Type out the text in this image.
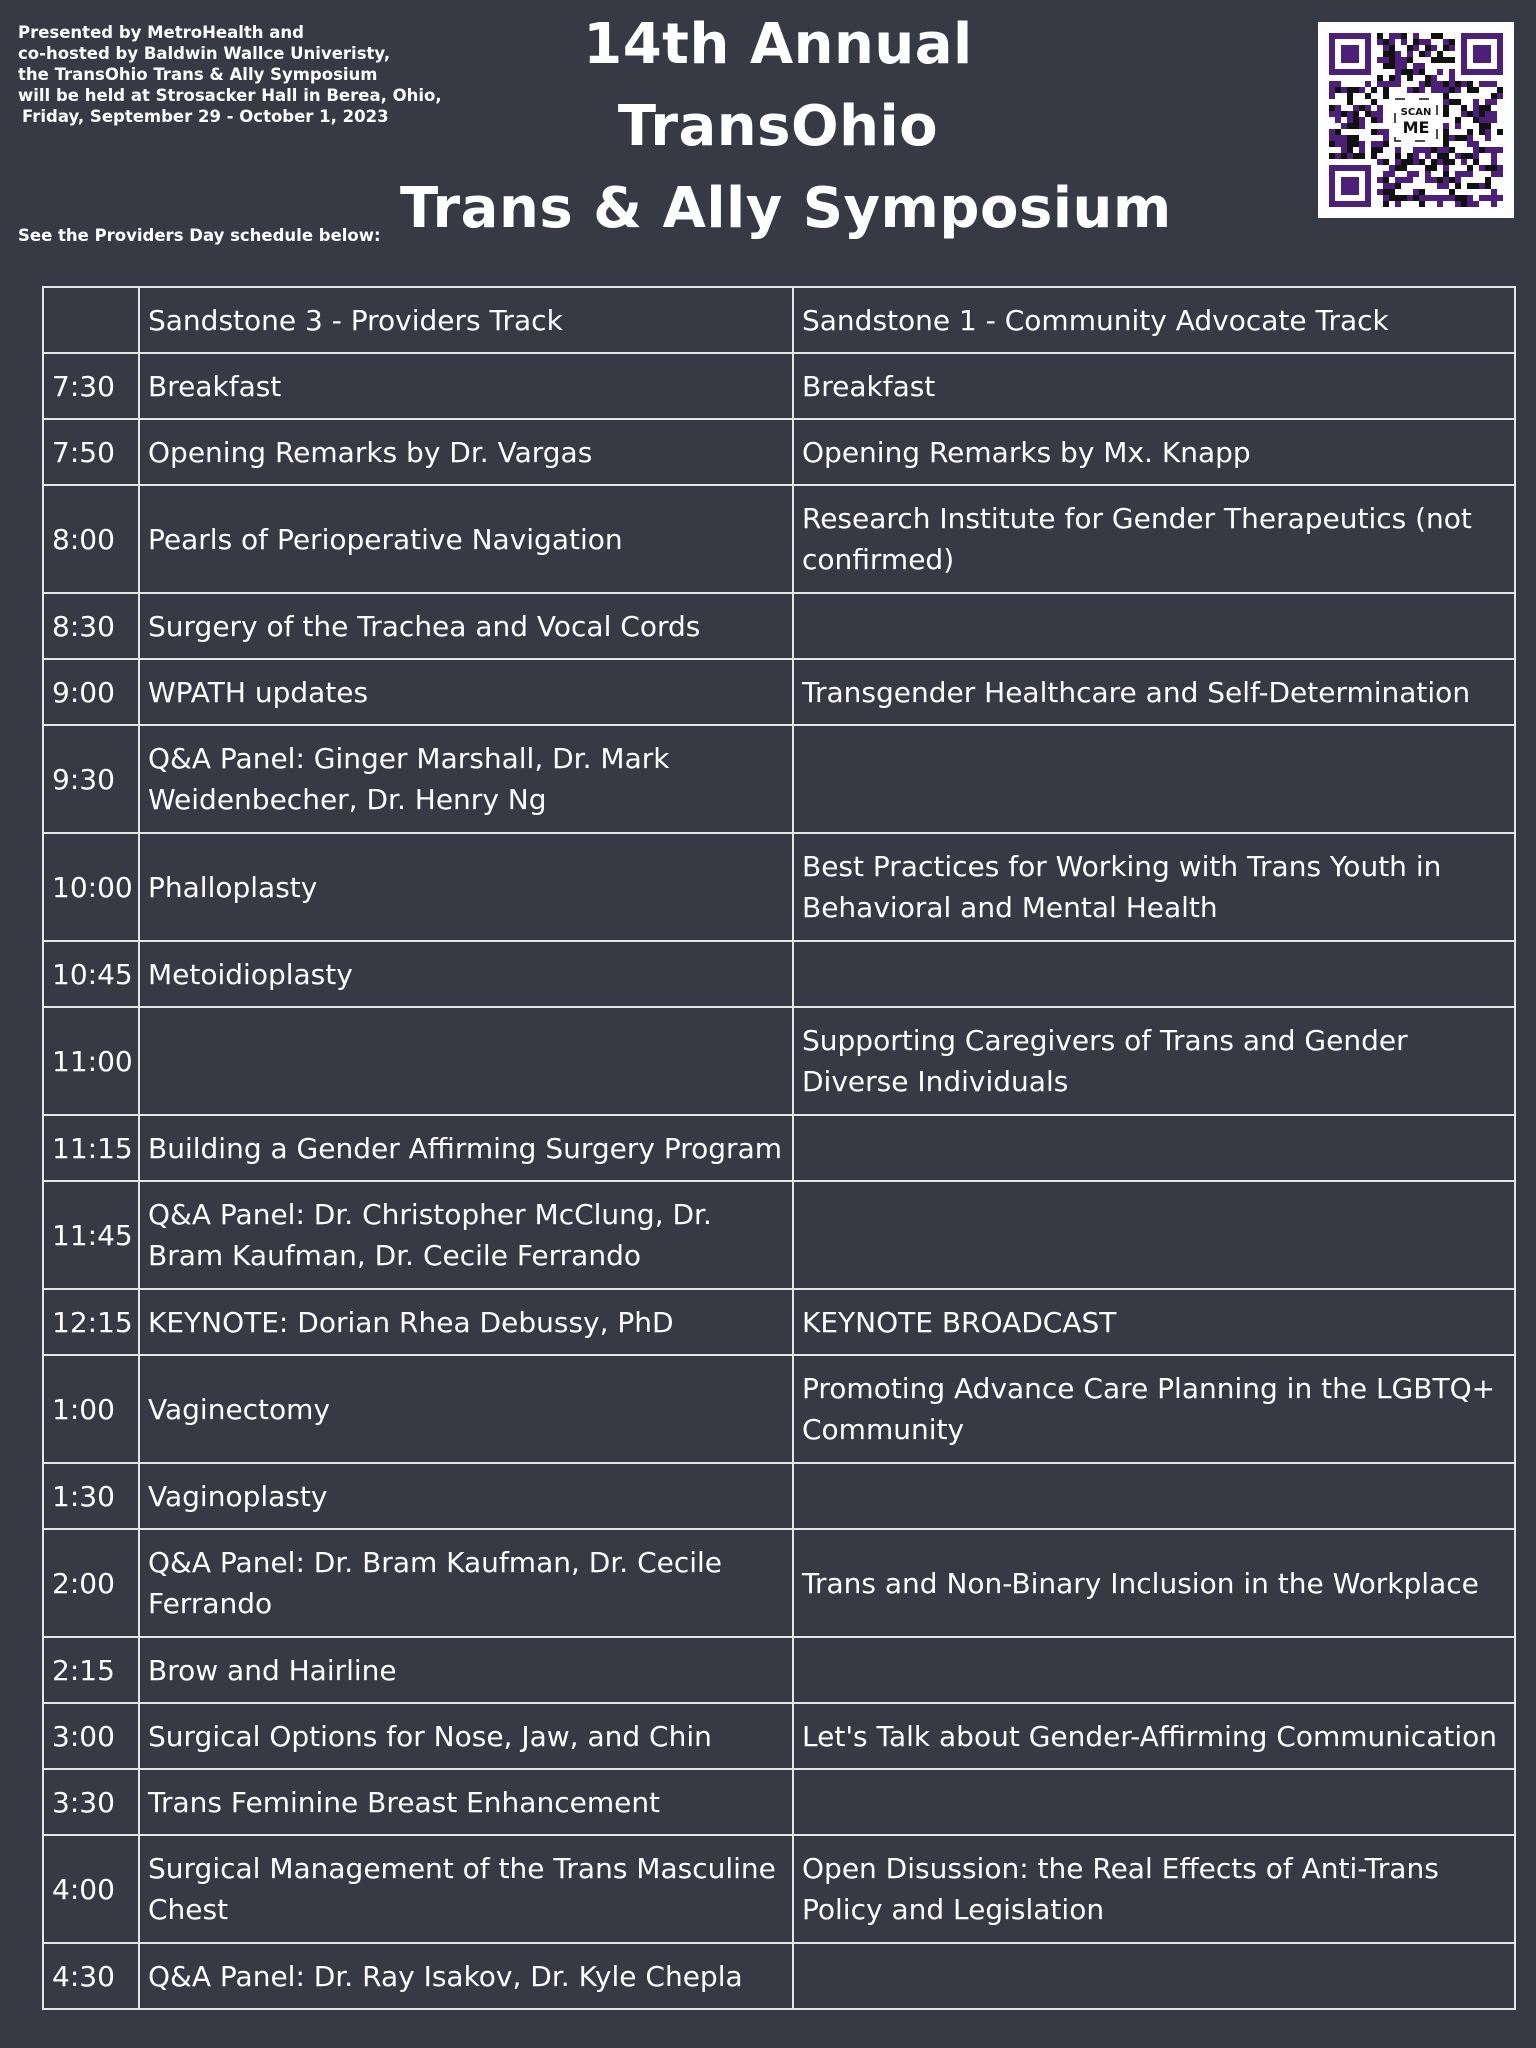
Presented by MetroHealth and
co-hosted by Baldwin Wallce Univeristy,
the TransOhio Trans & Ally Symposium
will be held at Strosacker Hall in Berea, Ohio,
Friday, September 29 - October 1, 2023
See the Providers Day schedule below:
14th Annual
TransOhio
Trans & Ally Symposium
SCAN
ME
	Sandstone 3 - Providers Track	Sandstone 1 - Community Advocate Track
7:30	Breakfast	Breakfast
7:50	Opening Remarks by Dr. Vargas	Opening Remarks by Mx. Knapp
8:00	Pearls of Perioperative Navigation	Research Institute for Gender Therapeutics (not confirmed)
8:30	Surgery of the Trachea and Vocal Cords	
9:00	WPATH updates	Transgender Healthcare and Self-Determination
9:30	Q&A Panel: Ginger Marshall, Dr. Mark Weidenbecher, Dr. Henry Ng	
10:00	Phalloplasty	Best Practices for Working with Trans Youth in Behavioral and Mental Health
10:45	Metoidioplasty	
11:00		Supporting Caregivers of Trans and Gender Diverse Individuals
11:15	Building a Gender Affirming Surgery Program	
11:45	Q&A Panel: Dr. Christopher McClung, Dr. Bram Kaufman, Dr. Cecile Ferrando	
12:15	KEYNOTE: Dorian Rhea Debussy, PhD	KEYNOTE BROADCAST
1:00	Vaginectomy	Promoting Advance Care Planning in the LGBTQ+ Community
1:30	Vaginoplasty	
2:00	Q&A Panel: Dr. Bram Kaufman, Dr. Cecile Ferrando	Trans and Non-Binary Inclusion in the Workplace
2:15	Brow and Hairline	
3:00	Surgical Options for Nose, Jaw, and Chin	Let's Talk about Gender-Affirming Communication
3:30	Trans Feminine Breast Enhancement	
4:00	Surgical Management of the Trans Masculine Chest	Open Disussion: the Real Effects of Anti-Trans Policy and Legislation
4:30	Q&A Panel: Dr. Ray Isakov, Dr. Kyle Chepla	
